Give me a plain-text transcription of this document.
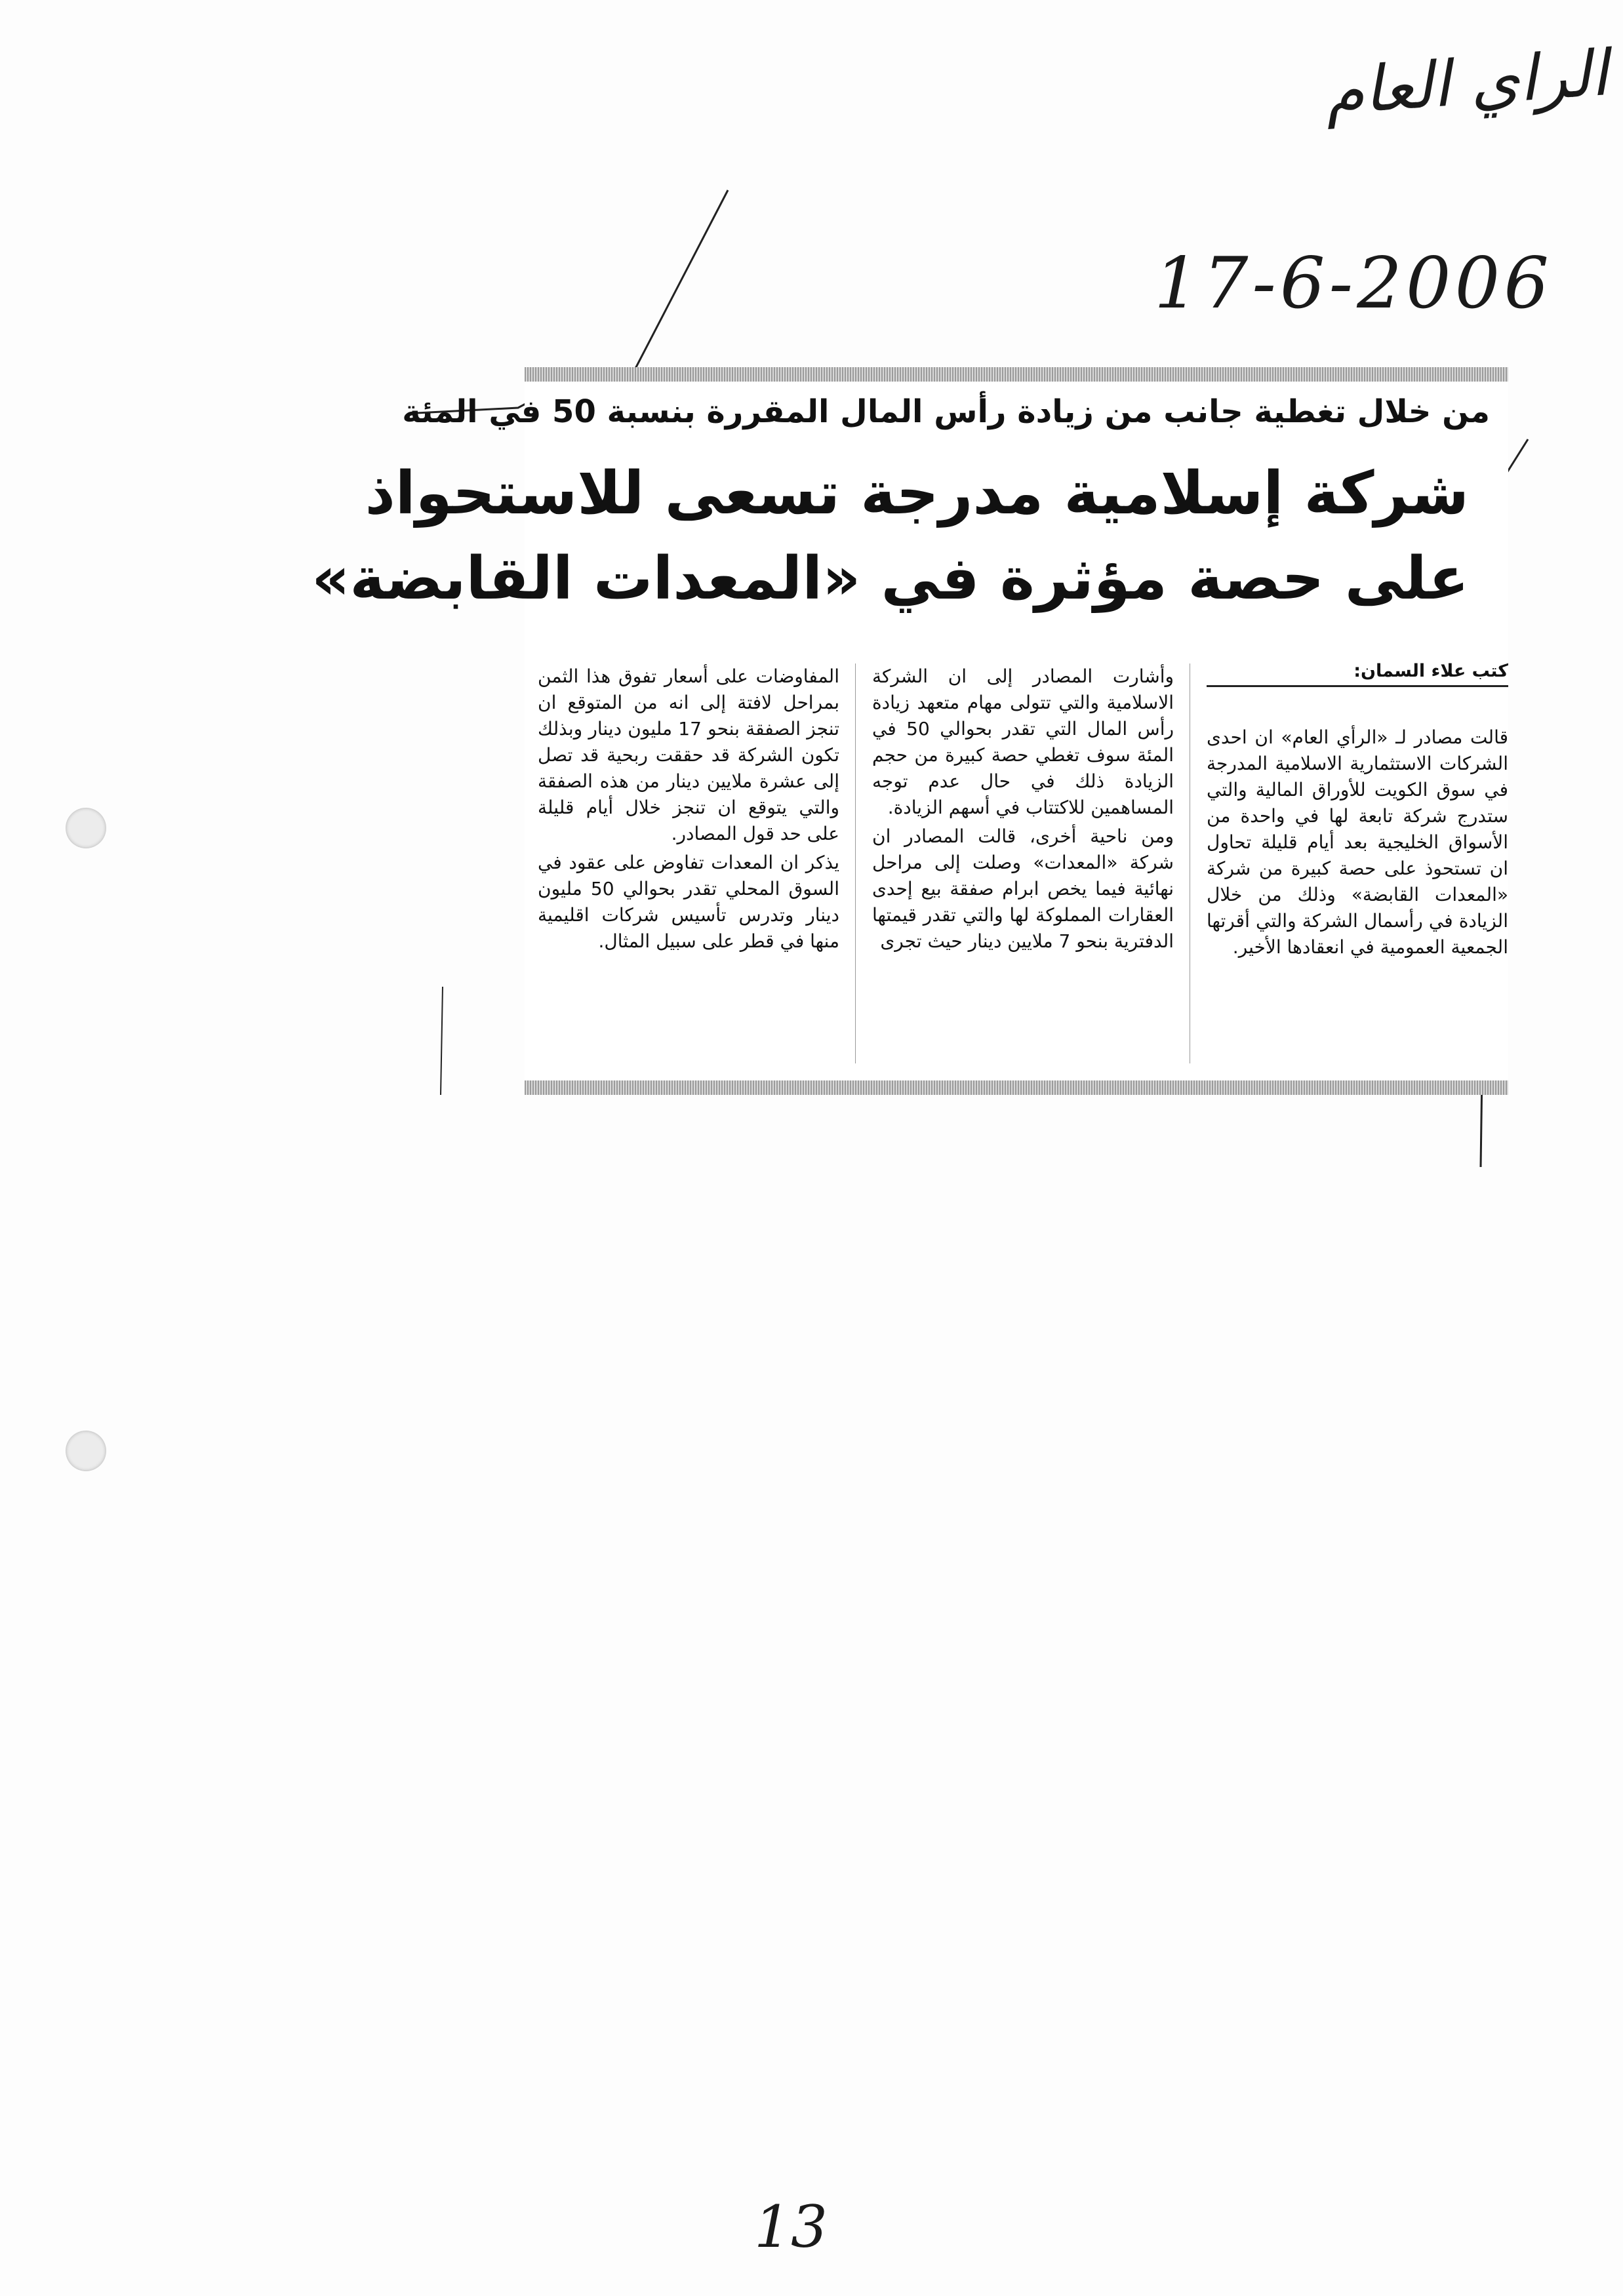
الراي العام
17-6-2006
13
من خلال تغطية جانب من زيادة رأس المال المقررة بنسبة 50 في المئة
شركة إسلامية مدرجة تسعى للاستحواذ
على حصة مؤثرة في «المعدات القابضة»
كتب علاء السمان:

قالت مصادر لـ «الرأي العام» ان احدى الشركات الاستثمارية الاسلامية المدرجة في سوق الكويت للأوراق المالية والتي ستدرج شركة تابعة لها في واحدة من الأسواق الخليجية بعد أيام قليلة تحاول ان تستحوذ على حصة كبيرة من شركة «المعدات القابضة» وذلك من خلال الزيادة في رأسمال الشركة والتي أقرتها الجمعية العمومية في انعقادها الأخير.

وأشارت المصادر إلى ان الشركة الاسلامية والتي تتولى مهام متعهد زيادة رأس المال التي تقدر بحوالي 50 في المئة سوف تغطي حصة كبيرة من حجم الزيادة ذلك في حال عدم توجه المساهمين للاكتتاب في أسهم الزيادة.

ومن ناحية أخرى، قالت المصادر ان شركة «المعدات» وصلت إلى مراحل نهائية فيما يخص ابرام صفقة بيع إحدى العقارات المملوكة لها والتي تقدر قيمتها الدفترية بنحو 7 ملايين دينار حيث تجرى

المفاوضات على أسعار تفوق هذا الثمن بمراحل لافتة إلى انه من المتوقع ان تنجز الصفقة بنحو 17 مليون دينار وبذلك تكون الشركة قد حققت ربحية قد تصل إلى عشرة ملايين دينار من هذه الصفقة والتي يتوقع ان تنجز خلال أيام قليلة على حد قول المصادر.

يذكر ان المعدات تفاوض على عقود في السوق المحلي تقدر بحوالي 50 مليون دينار وتدرس تأسيس شركات اقليمية منها في قطر على سبيل المثال.
